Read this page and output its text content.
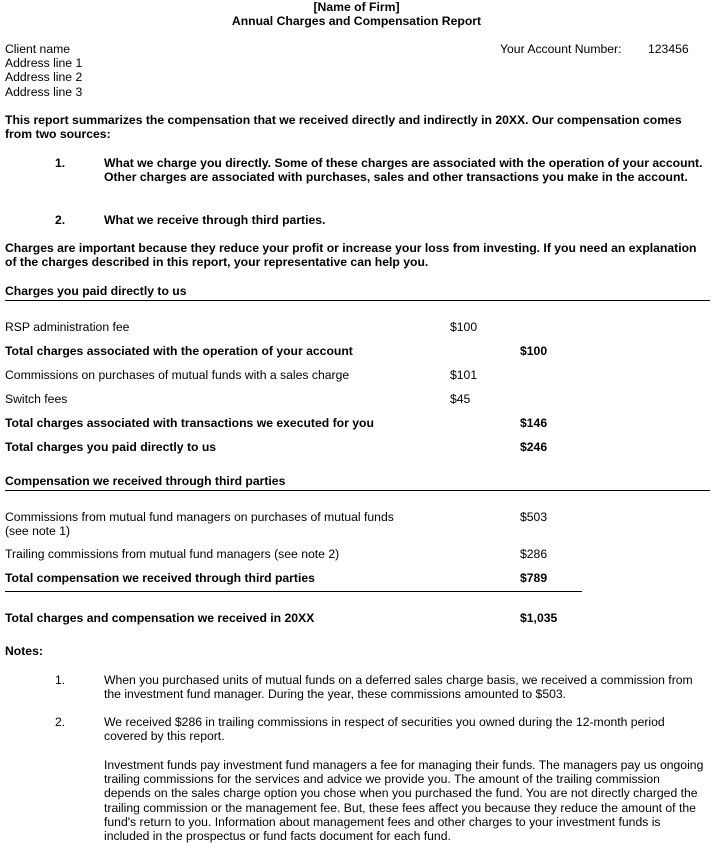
[Name of Firm]
Annual Charges and Compensation Report
Client name
Address line 1
Address line 2
Address line 3
Your Account Number: 123456
This report summarizes the compensation that we received directly and indirectly in 20XX. Our compensation comes from two sources:
1.	What we charge you directly. Some of these charges are associated with the operation of your account. Other charges are associated with purchases, sales and other transactions you make in the account.
2.	What we receive through third parties.
Charges are important because they reduce your profit or increase your loss from investing. If you need an explanation of the charges described in this report, your representative can help you.
Charges you paid directly to us
RSP administration fee	$100
Total charges associated with the operation of your account	$100
Commissions on purchases of mutual funds with a sales charge	$101
Switch fees	$45
Total charges associated with transactions we executed for you	$146
Total charges you paid directly to us	$246
Compensation we received through third parties
Commissions from mutual fund managers on purchases of mutual funds (see note 1)
$503
Trailing commissions from mutual fund managers (see note 2)	$286
Total compensation we received through third parties	$789
Total charges and compensation we received in 20XX	$1,035
Notes:
1.	When you purchased units of mutual funds on a deferred sales charge basis, we received a commission from the investment fund manager. During the year, these commissions amounted to $503.
2.	We received $286 in trailing commissions in respect of securities you owned during the 12-month period covered by this report.
Investment funds pay investment fund managers a fee for managing their funds. The managers pay us ongoing trailing commissions for the services and advice we provide you. The amount of the trailing commission depends on the sales charge option you chose when you purchased the fund. You are not directly charged the trailing commission or the management fee. But, these fees affect you because they reduce the amount of the fund's return to you. Information about management fees and other charges to your investment funds is included in the prospectus or fund facts document for each fund.
